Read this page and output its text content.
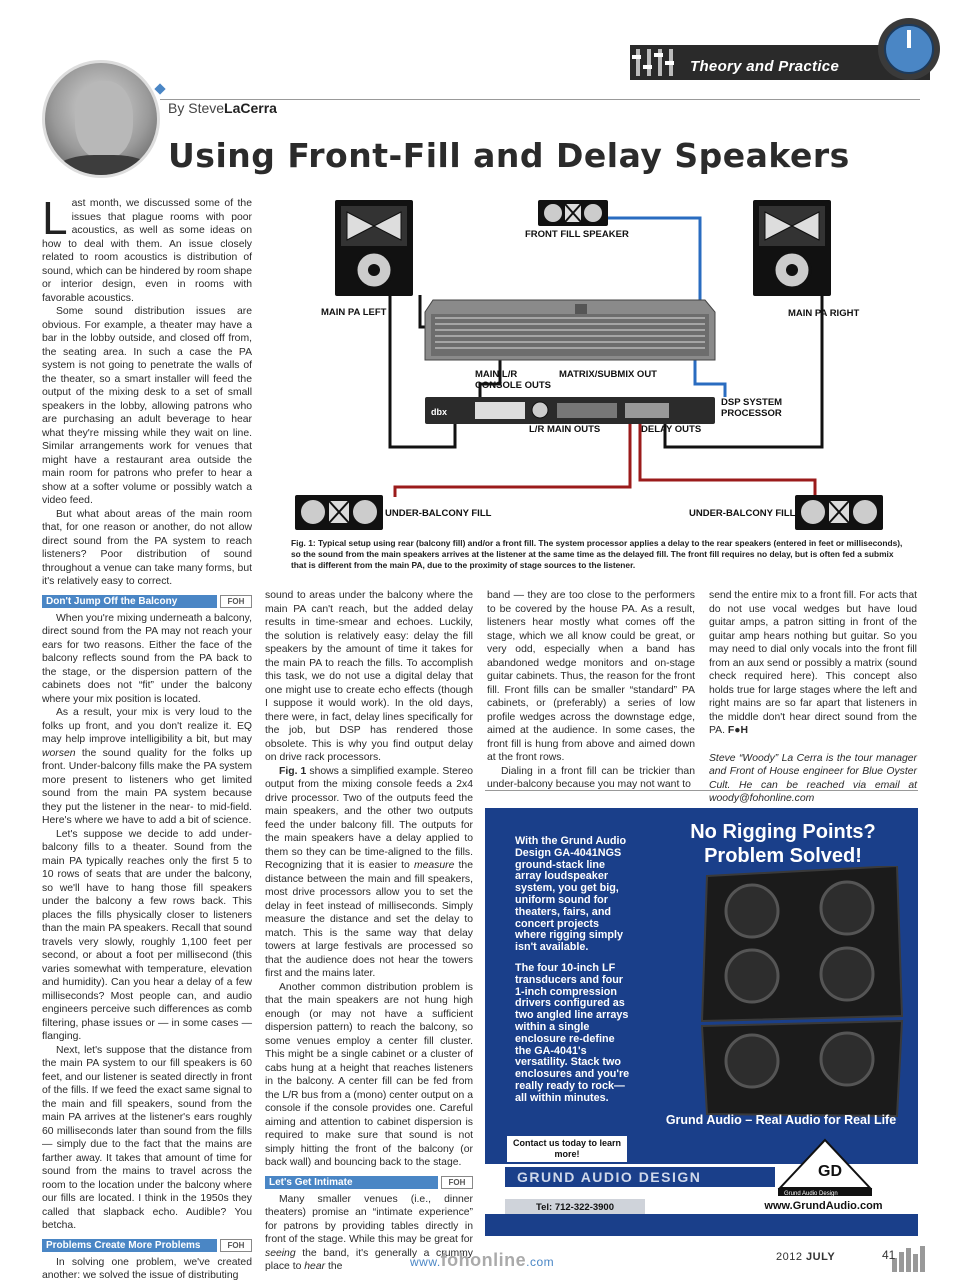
Theory and Practice
By SteveLaCerra
Using Front-Fill and Delay Speakers
dbx
FRONT FILL SPEAKER
MAIN PA LEFT	MAIN PA RIGHT
MAIN L/R CONSOLE OUTS
MATRIX/SUBMIX OUT
DSP SYSTEM PROCESSOR
L/R MAIN OUTS	DELAY OUTS
UNDER-BALCONY FILL	UNDER-BALCONY FILL
Fig. 1: Typical setup using rear (balcony fill) and/or a front fill. The system processor applies a delay to the rear speakers (entered in feet or milliseconds), so the sound from the main speakers arrives at the listener at the same time as the delayed fill. The front fill requires no delay, but is often fed a submix that is different from the main PA, due to the proximity of stage sources to the listener.

Last month, we discussed some of the issues that plague rooms with poor acoustics, as well as some ideas on how to deal with them. An issue closely related to room acoustics is distribution of sound, which can be hindered by room shape or interior design, even in rooms with favorable acoustics.

Some sound distribution issues are obvious. For example, a theater may have a bar in the lobby outside, and closed off from, the seating area. In such a case the PA system is not going to penetrate the walls of the theater, so a smart installer will feed the output of the mixing desk to a set of small speakers in the lobby, allowing patrons who are purchasing an adult beverage to hear what they're missing while they wait on line. Similar arrangements work for venues that might have a restaurant area outside the main room for patrons who prefer to hear a show at a softer volume or possibly watch a video feed.

But what about areas of the main room that, for one reason or another, do not allow direct sound from the PA system to reach listeners? Poor distribution of sound throughout a venue can take many forms, but it's relatively easy to correct.

Don't Jump Off the Balcony	FOH

When you're mixing underneath a balcony, direct sound from the PA may not reach your ears for two reasons. Either the face of the balcony reflects sound from the PA back to the stage, or the dispersion pattern of the cabinets does not “fit” under the balcony where your mix position is located.

As a result, your mix is very loud to the folks up front, and you don't realize it. EQ may help improve intelligibility a bit, but may worsen the sound quality for the folks up front. Under-balcony fills make the PA system more present to listeners who get limited sound from the main PA system because they put the listener in the near- to mid-field. Here's where we have to add a bit of science.

Let's suppose we decide to add under-balcony fills to a theater. Sound from the main PA typically reaches only the first 5 to 10 rows of seats that are under the balcony, so we'll have to hang those fill speakers under the balcony a few rows back. This places the fills physically closer to listeners than the main PA speakers. Recall that sound travels very slowly, roughly 1,100 feet per second, or about a foot per millisecond (this varies somewhat with temperature, elevation and humidity). Can you hear a delay of a few milliseconds? Most people can, and audio engineers perceive such differences as comb filtering, phase issues or — in some cases — flanging.

Next, let's suppose that the distance from the main PA system to our fill speakers is 60 feet, and our listener is seated directly in front of the fills. If we feed the exact same signal to the main and fill speakers, sound from the main PA arrives at the listener's ears roughly 60 milliseconds later than sound from the fills — simply due to the fact that the mains are farther away. It takes that amount of time for sound from the mains to travel across the room to the location under the balcony where our fills are located. I think in the 1950s they called that slapback echo. Audible? You betcha.

Problems Create More Problems	FOH

In solving one problem, we've created another: we solved the issue of distributing

sound to areas under the balcony where the main PA can't reach, but the added delay results in time-smear and echoes. Luckily, the solution is relatively easy: delay the fill speakers by the amount of time it takes for the main PA to reach the fills. To accomplish this task, we do not use a digital delay that one might use to create echo effects (though I suppose it would work). In the old days, there were, in fact, delay lines specifically for the job, but DSP has rendered those obsolete. This is why you find output delay on drive rack processors.

Fig. 1 shows a simplified example. Stereo output from the mixing console feeds a 2x4 drive processor. Two of the outputs feed the main speakers, and the other two outputs feed the under balcony fill. The outputs for the main speakers have a delay applied to them so they can be time-aligned to the fills. Recognizing that it is easier to measure the distance between the main and fill speakers, most drive processors allow you to set the delay in feet instead of milliseconds. Simply measure the distance and set the delay to match. This is the same way that delay towers at large festivals are processed so that the audience does not hear the towers first and the mains later.

Another common distribution problem is that the main speakers are not hung high enough (or may not have a sufficient dispersion pattern) to reach the balcony, so some venues employ a center fill cluster. This might be a single cabinet or a cluster of cabs hung at a height that reaches listeners in the balcony. A center fill can be fed from the L/R bus from a (mono) center output on a console if the console provides one. Careful aiming and attention to cabinet dispersion is required to make sure that sound is not simply hitting the front of the balcony (or back wall) and bouncing back to the stage.

Let's Get Intimate	FOH

Many smaller venues (i.e., dinner theaters) promise an “intimate experience” for patrons by providing tables directly in front of the stage. While this may be great for seeing the band, it's generally a crummy place to hear the

band — they are too close to the performers to be covered by the house PA. As a result, listeners hear mostly what comes off the stage, which we all know could be great, or very odd, especially when a band has abandoned wedge monitors and on-stage guitar cabinets. Thus, the reason for the front fill. Front fills can be smaller “standard” PA cabinets, or (preferably) a series of low profile wedges across the downstage edge, aimed at the audience. In some cases, the front fill is hung from above and aimed down at the front rows.

Dialing in a front fill can be trickier than under-balcony because you may not want to

send the entire mix to a front fill. For acts that do not use vocal wedges but have loud guitar amps, a patron sitting in front of the guitar amp hears nothing but guitar. So you may need to dial only vocals into the front fill from an aux send or possibly a matrix (sound check required here). This concept also holds true for large stages where the left and right mains are so far apart that listeners in the middle don't hear direct sound from the PA. F●H

Steve “Woody” La Cerra is the tour manager and Front of House engineer for Blue Oyster Cult. He can be reached via email at woody@fohonline.com

With the Grund Audio Design GA-4041NGS ground-stack line array loudspeaker system, you get big, uniform sound for theaters, fairs, and concert projects where rigging simply isn't available.

The four 10-inch LF transducers and four 1-inch compression drivers configured as two angled line arrays within a single enclosure re-define the GA-4041's versatility. Stack two enclosures and you're really ready to rock—all within minutes.

No Rigging Points? Problem Solved!
Grund Audio – Real Audio for Real Life
Contact us today to learn more!
GRUND AUDIO DESIGN	GD
Grund Audio Design
Tel: 712-322-3900	www.GrundAudio.com
www.fohonline.com	2012 JULY	41
